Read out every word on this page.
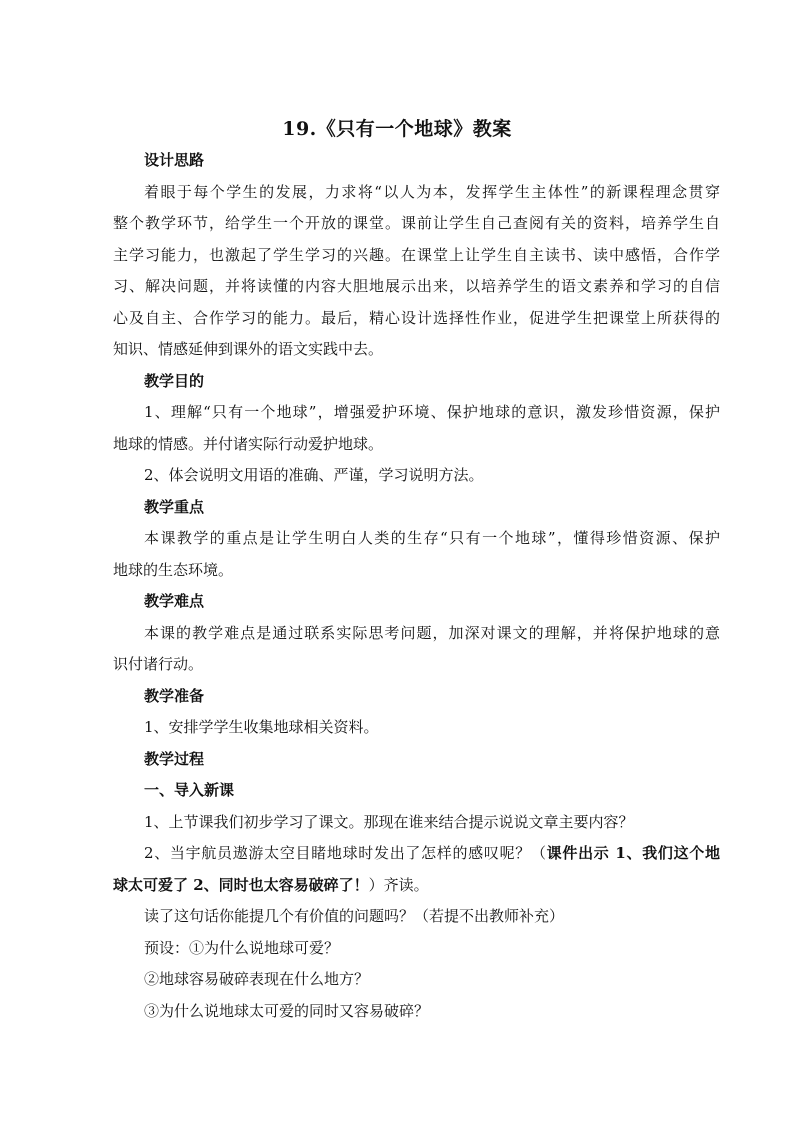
19.《只有一个地球》教案
设计思路
着眼于每个学生的发展，力求将“以人为本，发挥学生主体性”的新课程理念贯穿
整个教学环节，给学生一个开放的课堂。课前让学生自己查阅有关的资料，培养学生自
主学习能力，也激起了学生学习的兴趣。在课堂上让学生自主读书、读中感悟，合作学
习、解决问题，并将读懂的内容大胆地展示出来，以培养学生的语文素养和学习的自信
心及自主、合作学习的能力。最后，精心设计选择性作业，促进学生把课堂上所获得的
知识、情感延伸到课外的语文实践中去。
教学目的
1、理解“只有一个地球”，增强爱护环境、保护地球的意识，激发珍惜资源，保护
地球的情感。并付诸实际行动爱护地球。
2、体会说明文用语的准确、严谨，学习说明方法。
教学重点
本课教学的重点是让学生明白人类的生存“只有一个地球”，懂得珍惜资源、保护
地球的生态环境。
教学难点
本课的教学难点是通过联系实际思考问题，加深对课文的理解，并将保护地球的意
识付诸行动。
教学准备
1、安排学学生收集地球相关资料。
教学过程
一、导入新课
1、上节课我们初步学习了课文。那现在谁来结合提示说说文章主要内容？
2、当宇航员遨游太空目睹地球时发出了怎样的感叹呢？（课件出示 1、我们这个地
球太可爱了 2、同时也太容易破碎了！）齐读。
读了这句话你能提几个有价值的问题吗？（若提不出教师补充）
预设：①为什么说地球可爱？
②地球容易破碎表现在什么地方？
③为什么说地球太可爱的同时又容易破碎？
